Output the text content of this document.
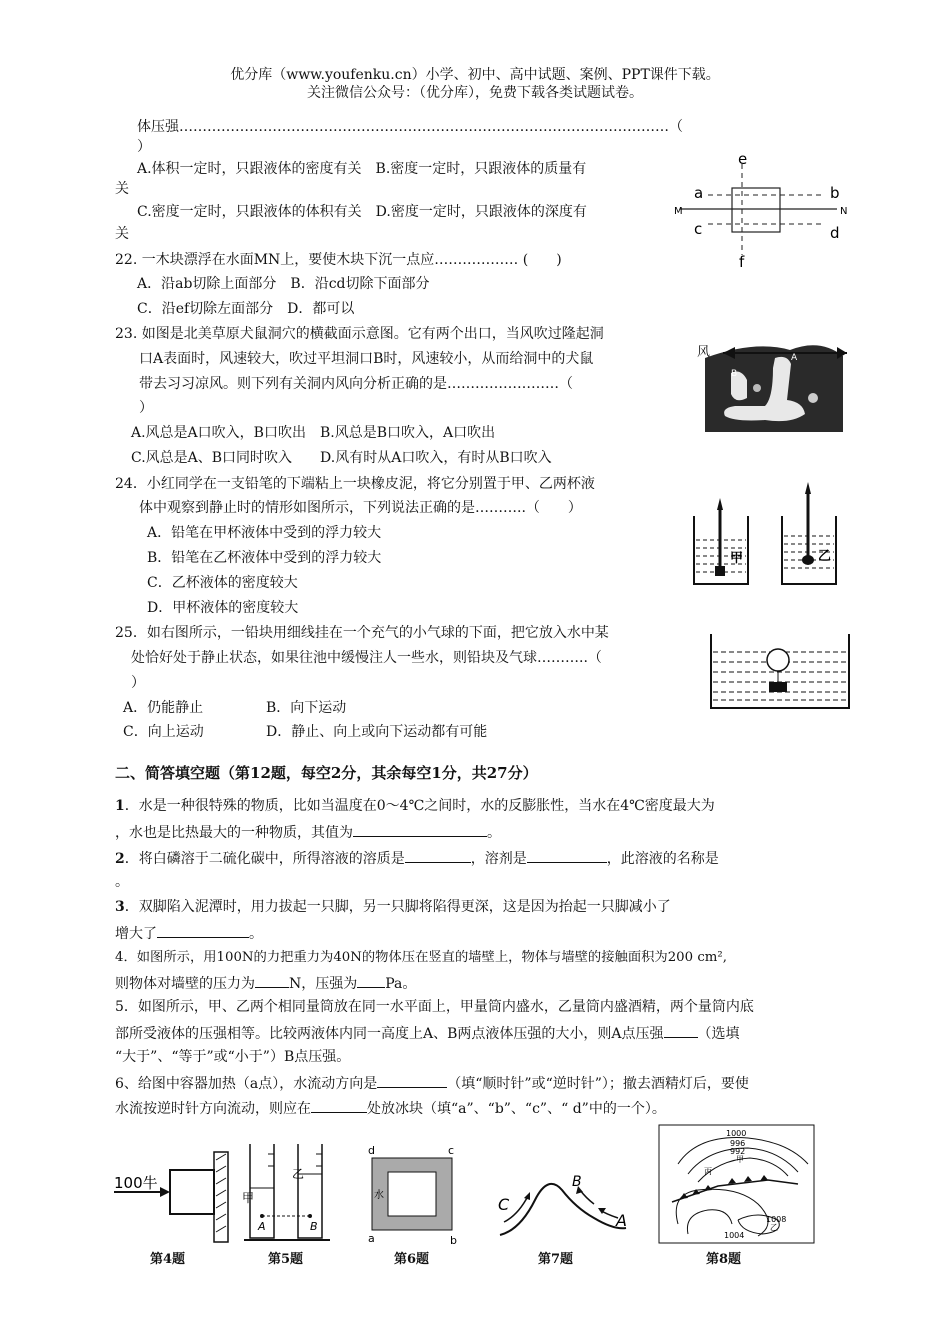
优分库（www.youfenku.cn）小学、初中、高中试题、案例、PPT课件下载。
关注微信公众号：（优分库），免费下载各类试题试卷。
体压强……………………………………………………………………………………………（
）
A.体积一定时，只跟液体的密度有关　B.密度一定时，只跟液体的质量有
关
C.密度一定时，只跟液体的体积有关　D.密度一定时，只跟液体的深度有
关
e
f
a	b
c	d
M	N
22. 一木块漂浮在水面MN上，要使木块下沉一点应……………… (　　)
A．沿ab切除上面部分　B．沿cd切除下面部分
C．沿ef切除左面部分　D．都可以
23. 如图是北美草原犬鼠洞穴的横截面示意图。它有两个出口，当风吹过隆起洞
口A表面时，风速较大，吹过平坦洞口B时，风速较小，从而给洞中的犬鼠
带去习习凉风。则下列有关洞内风向分析正确的是……………………（
）
A.风总是A口吹入，B口吹出　B.风总是B口吹入，A口吹出
C.风总是A、B口同时吹入　　D.风有时从A口吹入，有时从B口吹入
风	A
B
24．小红同学在一支铅笔的下端粘上一块橡皮泥，将它分别置于甲、乙两杯液
体中观察到静止时的情形如图所示，下列说法正确的是………..（　　）
A．铅笔在甲杯液体中受到的浮力较大
B．铅笔在乙杯液体中受到的浮力较大
C．乙杯液体的密度较大
D．甲杯液体的密度较大
甲	乙
25．如右图所示，一铅块用细线挂在一个充气的小气球的下面，把它放入水中某
处恰好处于静止状态，如果往池中缓慢注人一些水，则铅块及气球………..（
）
A．仍能静止	B．向下运动
C．向上运动	D．静止、向上或向下运动都有可能
二、简答填空题（第12题，每空2分，其余每空1分，共27分）
1．水是一种很特殊的物质，比如当温度在0～4℃之间时，水的反膨胀性，当水在4℃密度最大为
，水也是比热最大的一种物质，其值为	。
2．将白磷溶于二硫化碳中，所得溶液的溶质是	，溶剂是	，此溶液的名称是
。
3．双脚陷入泥潭时，用力拔起一只脚，另一只脚将陷得更深，这是因为抬起一只脚减小了
增大了	。
4．如图所示，用100N的力把重力为40N的物体压在竖直的墙壁上，物体与墙壁的接触面积为200 cm²,
则物体对墙壁的压力为 N，压强为 Pa。
5．如图所示，甲、乙两个相同量筒放在同一水平面上，甲量筒内盛水，乙量筒内盛酒精，两个量筒内底
部所受液体的压强相等。比较两液体内同一高度上A、B两点液体压强的大小，则A点压强 （选填
“大于”、“等于”或“小于”）B点压强。
6、给图中容器加热（a点），水流动方向是	（填“顺时针”或“逆时针”）；撤去酒精灯后，要使
水流按逆时针方向流动，则应在	处放冰块（填“a”、“b”、“c”、“ d”中的一个）。
100牛
第4题
甲
乙
A	B
第5题
d	c
a	b
水
第6题
C
B
A
第7题
1000
996
992
甲
丙
1008
乙
1004
第8题
